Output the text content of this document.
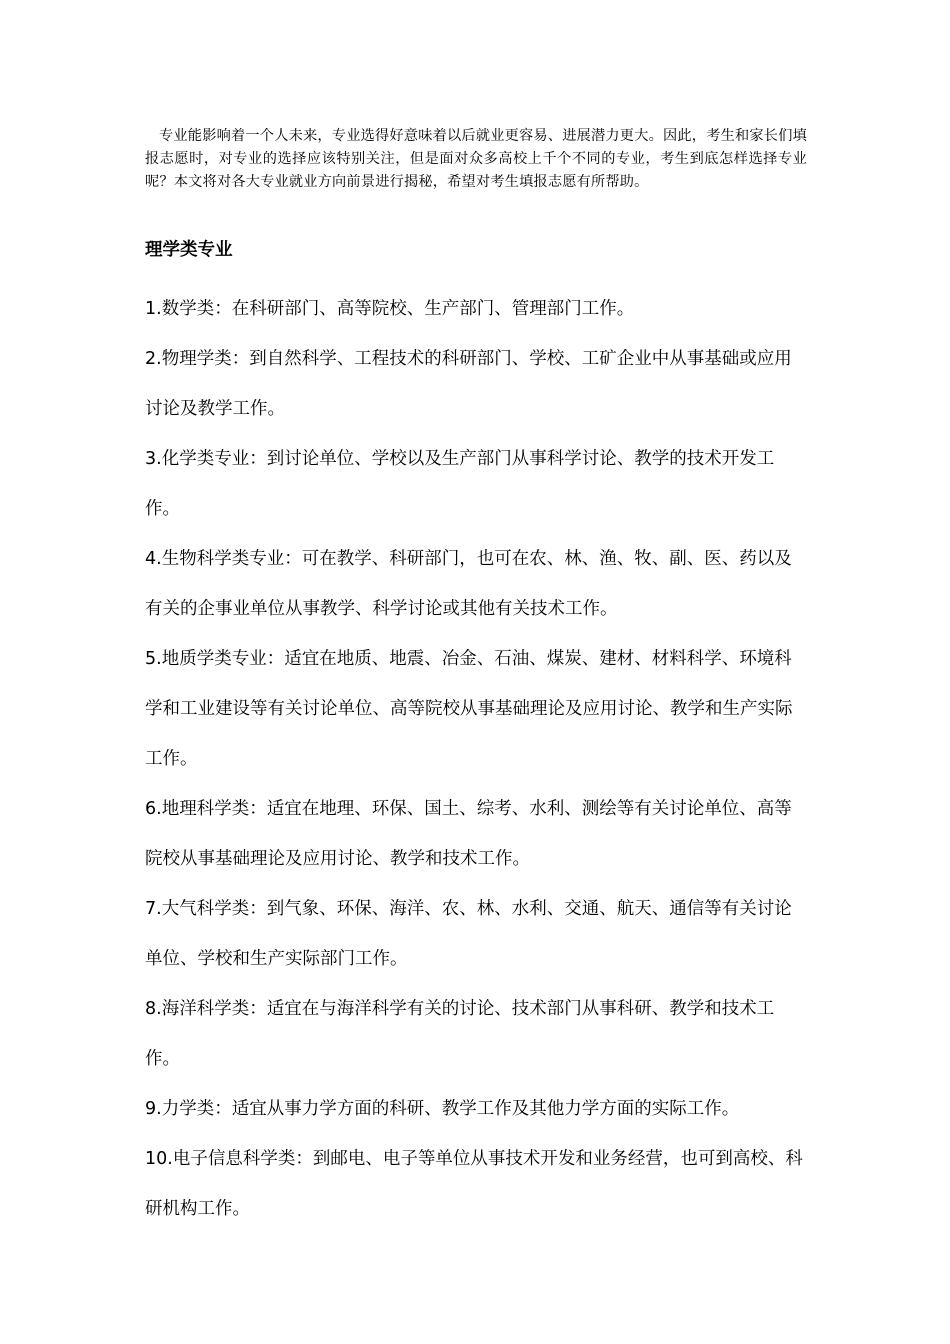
专业能影响着一个人未来，专业选得好意味着以后就业更容易、进展潜力更大。因此，考生和家长们填报志愿时，对专业的选择应该特别关注，但是面对众多高校上千个不同的专业，考生到底怎样选择专业呢？本文将对各大专业就业方向前景进行揭秘，希望对考生填报志愿有所帮助。

理学类专业
1.数学类：在科研部门、高等院校、生产部门、管理部门工作。
2.物理学类：到自然科学、工程技术的科研部门、学校、工矿企业中从事基础或应用讨论及教学工作。
3.化学类专业：到讨论单位、学校以及生产部门从事科学讨论、教学的技术开发工作。
4.生物科学类专业：可在教学、科研部门，也可在农、林、渔、牧、副、医、药以及有关的企事业单位从事教学、科学讨论或其他有关技术工作。
5.地质学类专业：适宜在地质、地震、冶金、石油、煤炭、建材、材料科学、环境科学和工业建设等有关讨论单位、高等院校从事基础理论及应用讨论、教学和生产实际工作。
6.地理科学类：适宜在地理、环保、国土、综考、水利、测绘等有关讨论单位、高等院校从事基础理论及应用讨论、教学和技术工作。
7.大气科学类：到气象、环保、海洋、农、林、水利、交通、航天、通信等有关讨论单位、学校和生产实际部门工作。
8.海洋科学类：适宜在与海洋科学有关的讨论、技术部门从事科研、教学和技术工作。
9.力学类：适宜从事力学方面的科研、教学工作及其他力学方面的实际工作。
10.电子信息科学类：到邮电、电子等单位从事技术开发和业务经营，也可到高校、科研机构工作。
